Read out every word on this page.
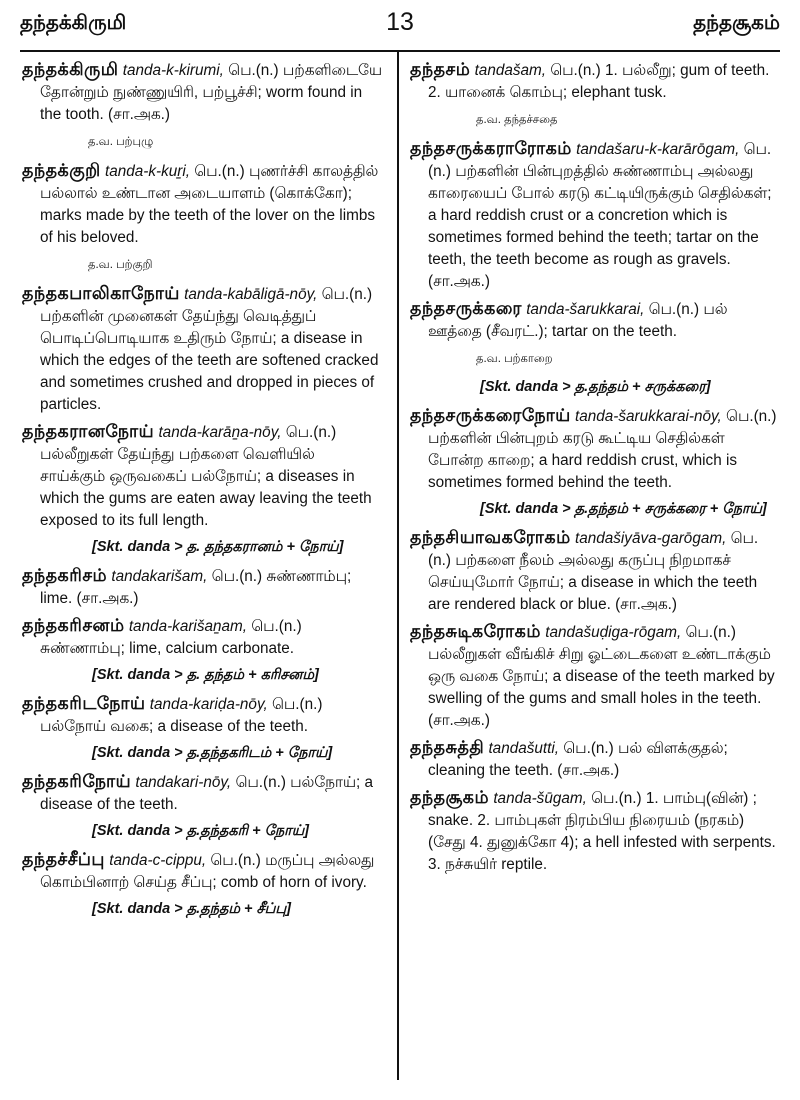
தந்தக்கிருமி	13	தந்தசூகம்
தந்தக்கிருமி tanda-k-kirumi, பெ.(n.) பற்களிடையே தோன்றும் நுண்ணுயிரி, பற்பூச்சி; worm found in the tooth. (சா.அக.)
த.வ. பற்புழு
தந்தக்குறி tanda-k-kuṟi, பெ.(n.) புணர்ச்சி காலத்தில் பல்லால் உண்டான அடையாளம் (கொக்கோ); marks made by the teeth of the lover on the limbs of his beloved.
த.வ. பற்குறி
தந்தகபாலிகாநோய் tanda-kabāligā-nōy, பெ.(n.) பற்களின் முனைகள் தேய்ந்து வெடித்துப் பொடிப்பொடியாக உதிரும் நோய்; a disease in which the edges of the teeth are softened cracked and sometimes crushed and dropped in pieces of particles.
தந்தகரானநோய் tanda-karāṉa-nōy, பெ.(n.) பல்லீறுகள் தேய்ந்து பற்களை வெளியில் சாய்க்கும் ஒருவகைப் பல்நோய்; a diseases in which the gums are eaten away leaving the teeth exposed to its full length.
[Skt. danda > த. தந்தகரானம் + நோய்]
தந்தகரிசம் tandakarišam, பெ.(n.) சுண்ணாம்பு; lime. (சா.அக.)
தந்தகரிசனம் tanda-karišaṉam, பெ.(n.) சுண்ணாம்பு; lime, calcium carbonate.
[Skt. danda > த. தந்தம் + கரிசனம்]
தந்தகரிடநோய் tanda-kariḍa-nōy, பெ.(n.) பல்நோய் வகை; a disease of the teeth.
[Skt. danda > த.தந்தகரிடம் + நோய்]
தந்தகரிநோய் tandakari-nōy, பெ.(n.) பல்நோய்; a disease of the teeth.
[Skt. danda > த.தந்தகரி + நோய்]
தந்தச்சீப்பு tanda-c-cippu, பெ.(n.) மருப்பு அல்லது கொம்பினாற் செய்த சீப்பு; comb of horn of ivory.
[Skt. danda > த.தந்தம் + சீப்பு]
தந்தசம் tandašam, பெ.(n.) 1. பல்லீறு; gum of teeth. 2. யானைக் கொம்பு; elephant tusk.
த.வ. தந்தச்சதை
தந்தசருக்கராரோகம் tandašaru-k-karārōgam, பெ.(n.) பற்களின் பின்புறத்தில் சுண்ணாம்பு அல்லது காரையைப் போல் கரடு கட்டியிருக்கும் செதில்கள்; a hard reddish crust or a concretion which is sometimes formed behind the teeth; tartar on the teeth, the teeth become as rough as gravels. (சா.அக.)
தந்தசருக்கரை tanda-šarukkarai, பெ.(n.) பல் ஊத்தை (சீவரட்.); tartar on the teeth.
த.வ. பற்காறை
[Skt. danda > த.தந்தம் + சருக்கரை]
தந்தசருக்கரைநோய் tanda-šarukkarai-nōy, பெ.(n.) பற்களின் பின்புறம் கரடு கூட்டிய செதில்கள் போன்ற காறை; a hard reddish crust, which is sometimes formed behind the teeth.
[Skt. danda > த.தந்தம் + சருக்கரை + நோய்]
தந்தசியாவகரோகம் tandašiyāva-garōgam, பெ.(n.) பற்களை நீலம் அல்லது கருப்பு நிறமாகச் செய்யுமோர் நோய்; a disease in which the teeth are rendered black or blue. (சா.அக.)
தந்தசுடிகரோகம் tandašuḍiga-rōgam, பெ.(n.) பல்லீறுகள் வீங்கிச் சிறு ஓட்டைகளை உண்டாக்கும் ஒரு வகை நோய்; a disease of the teeth marked by swelling of the gums and small holes in the teeth. (சா.அக.)
தந்தசுத்தி tandašutti, பெ.(n.) பல் விளக்குதல்; cleaning the teeth. (சா.அக.)
தந்தசூகம் tanda-šūgam, பெ.(n.) 1. பாம்பு(வின்) ; snake. 2. பாம்புகள் நிரம்பிய நிரையம் (நரகம்) (சேது 4. துனுக்கோ 4); a hell infested with serpents. 3. நச்சுயிர் reptile.
